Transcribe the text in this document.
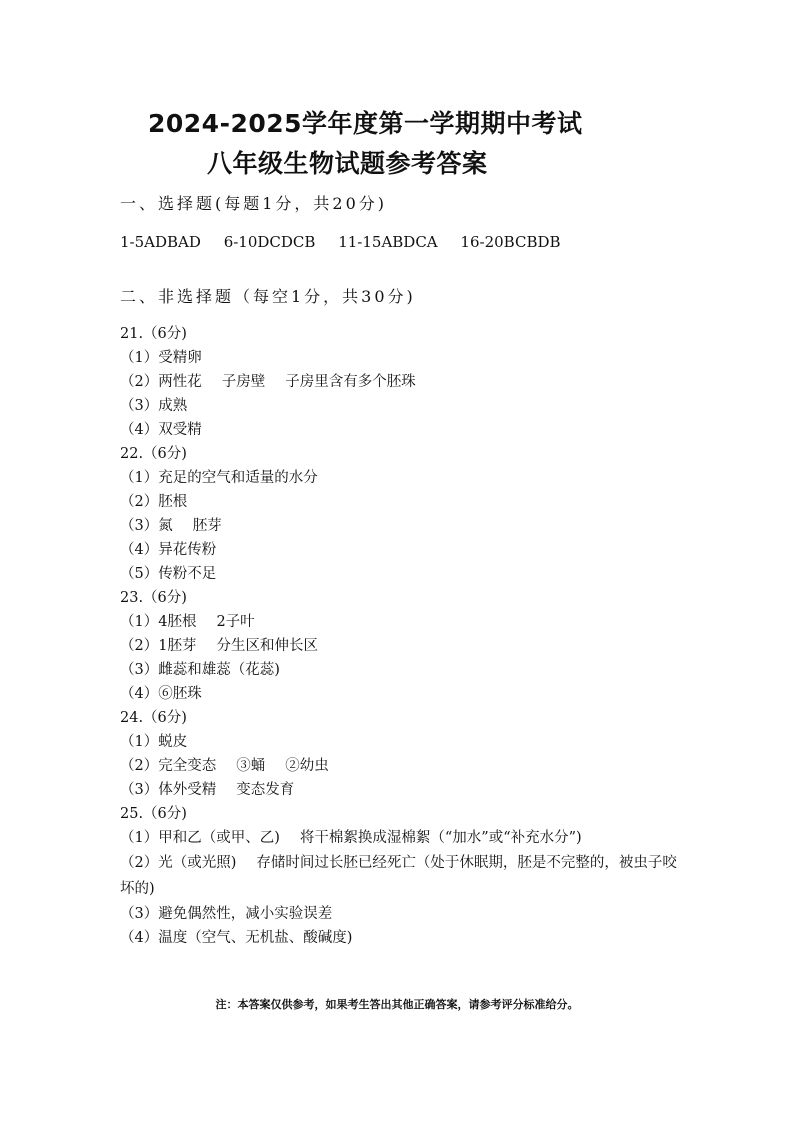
2024-2025学年度第一学期期中考试
八年级生物试题参考答案
一、选择题(每题1分，共20分)
1-5ADBAD 6-10DCDCB 11-15ABDCA 16-20BCBDB
二、非选择题（每空1分，共30分)
21.（6分)
（1）受精卵
（2）两性花 子房壁 子房里含有多个胚珠
（3）成熟
（4）双受精
22.（6分)
（1）充足的空气和适量的水分
（2）胚根
（3）氮 胚芽
（4）异花传粉
（5）传粉不足
23.（6分)
（1）4胚根 2子叶
（2）1胚芽 分生区和伸长区
（3）雌蕊和雄蕊（花蕊)
（4）⑥胚珠
24.（6分)
（1）蜕皮
（2）完全变态 ③蛹 ②幼虫
（3）体外受精 变态发育
25.（6分)
（1）甲和乙（或甲、乙) 将干棉絮换成湿棉絮（“加水”或“补充水分”)
（2）光（或光照) 存储时间过长胚已经死亡（处于休眠期，胚是不完整的，被虫子咬坏的)
（3）避免偶然性，减小实验误差
（4）温度（空气、无机盐、酸碱度)
注：本答案仅供参考，如果考生答出其他正确答案，请参考评分标准给分。
